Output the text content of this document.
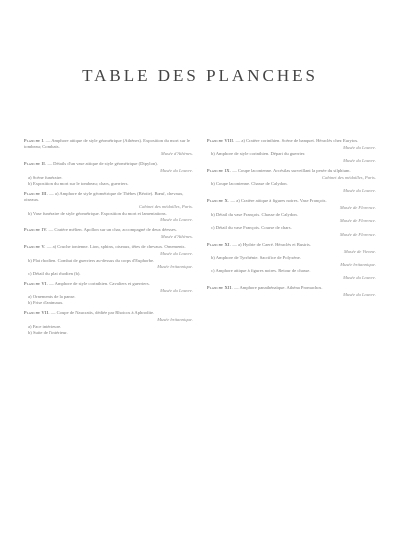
TABLE DES PLANCHES
Planche I. — Amphore attique de style géométrique (Athènes). Exposition du mort sur le tombeau; Combats.
Musée d'Athènes.
Planche II. — Détails d'un vase attique de style géométrique (Dipylon).
Musée du Louvre.
a) Scène funéraire.
b) Exposition du mort sur le tombeau; chars, guerriers.
Planche III. — a) Amphore de style géométrique de Thèbes (Béotie). Bœuf, chevaux, oiseaux.
Cabinet des médailles, Paris.
b) Vase funéraire de style géométrique. Exposition du mort et lamentations.
Musée du Louvre.
Planche IV. — Cratère mélien. Apollon sur un char, accompagné de deux déesses.
Musée d'Athènes.
Planche V. — a) Cruche ionienne. Lion, sphinx, oiseaux, têtes de chevaux. Ornements.
Musée du Louvre.
b) Plat rhodien. Combat de guerriers au-dessus du corps d'Euphorbe.
Musée britannique.
c) Détail du plat rhodien (b).
Planche VI. — Amphore de style corinthien. Cavaliers et guerriers.
Musée du Louvre.
a) Ornements de la panse.
b) Frise d'animaux.
Planche VII. — Coupe de Naucratis, dédiée par Rhoicos à Aphrodite.
Musée britannique.
a) Face intérieure.
b) Suite de l'intérieur.
Planche VIII. — a) Cratère corinthien. Scène de banquet. Héraclès chez Eurytos.
Musée du Louvre.
b) Amphore de style corinthien. Départ du guerrier.
Musée du Louvre.
Planche IX. — Coupe laconienne. Arcésilas surveillant la pesée du silphium.
Cabinet des médailles, Paris.
b) Coupe laconienne. Chasse de Calydon.
Musée du Louvre.
Planche X. — a) Cratère attique à figures noires. Vase François.
Musée de Florence.
b) Détail du vase François. Chasse de Calydon.
Musée de Florence.
c) Détail du vase François. Course de chars.
Musée de Florence.
Planche XI. — a) Hydrie de Caeré. Héraclès et Busiris.
Musée de Vienne.
b) Amphore de Tyrrhénie. Sacrifice de Polyxène.
Musée britannique.
c) Amphore attique à figures noires. Retour de chasse.
Musée du Louvre.
Planche XII. — Amphore panathénaïque. Athéna Promachos.
Musée du Louvre.
